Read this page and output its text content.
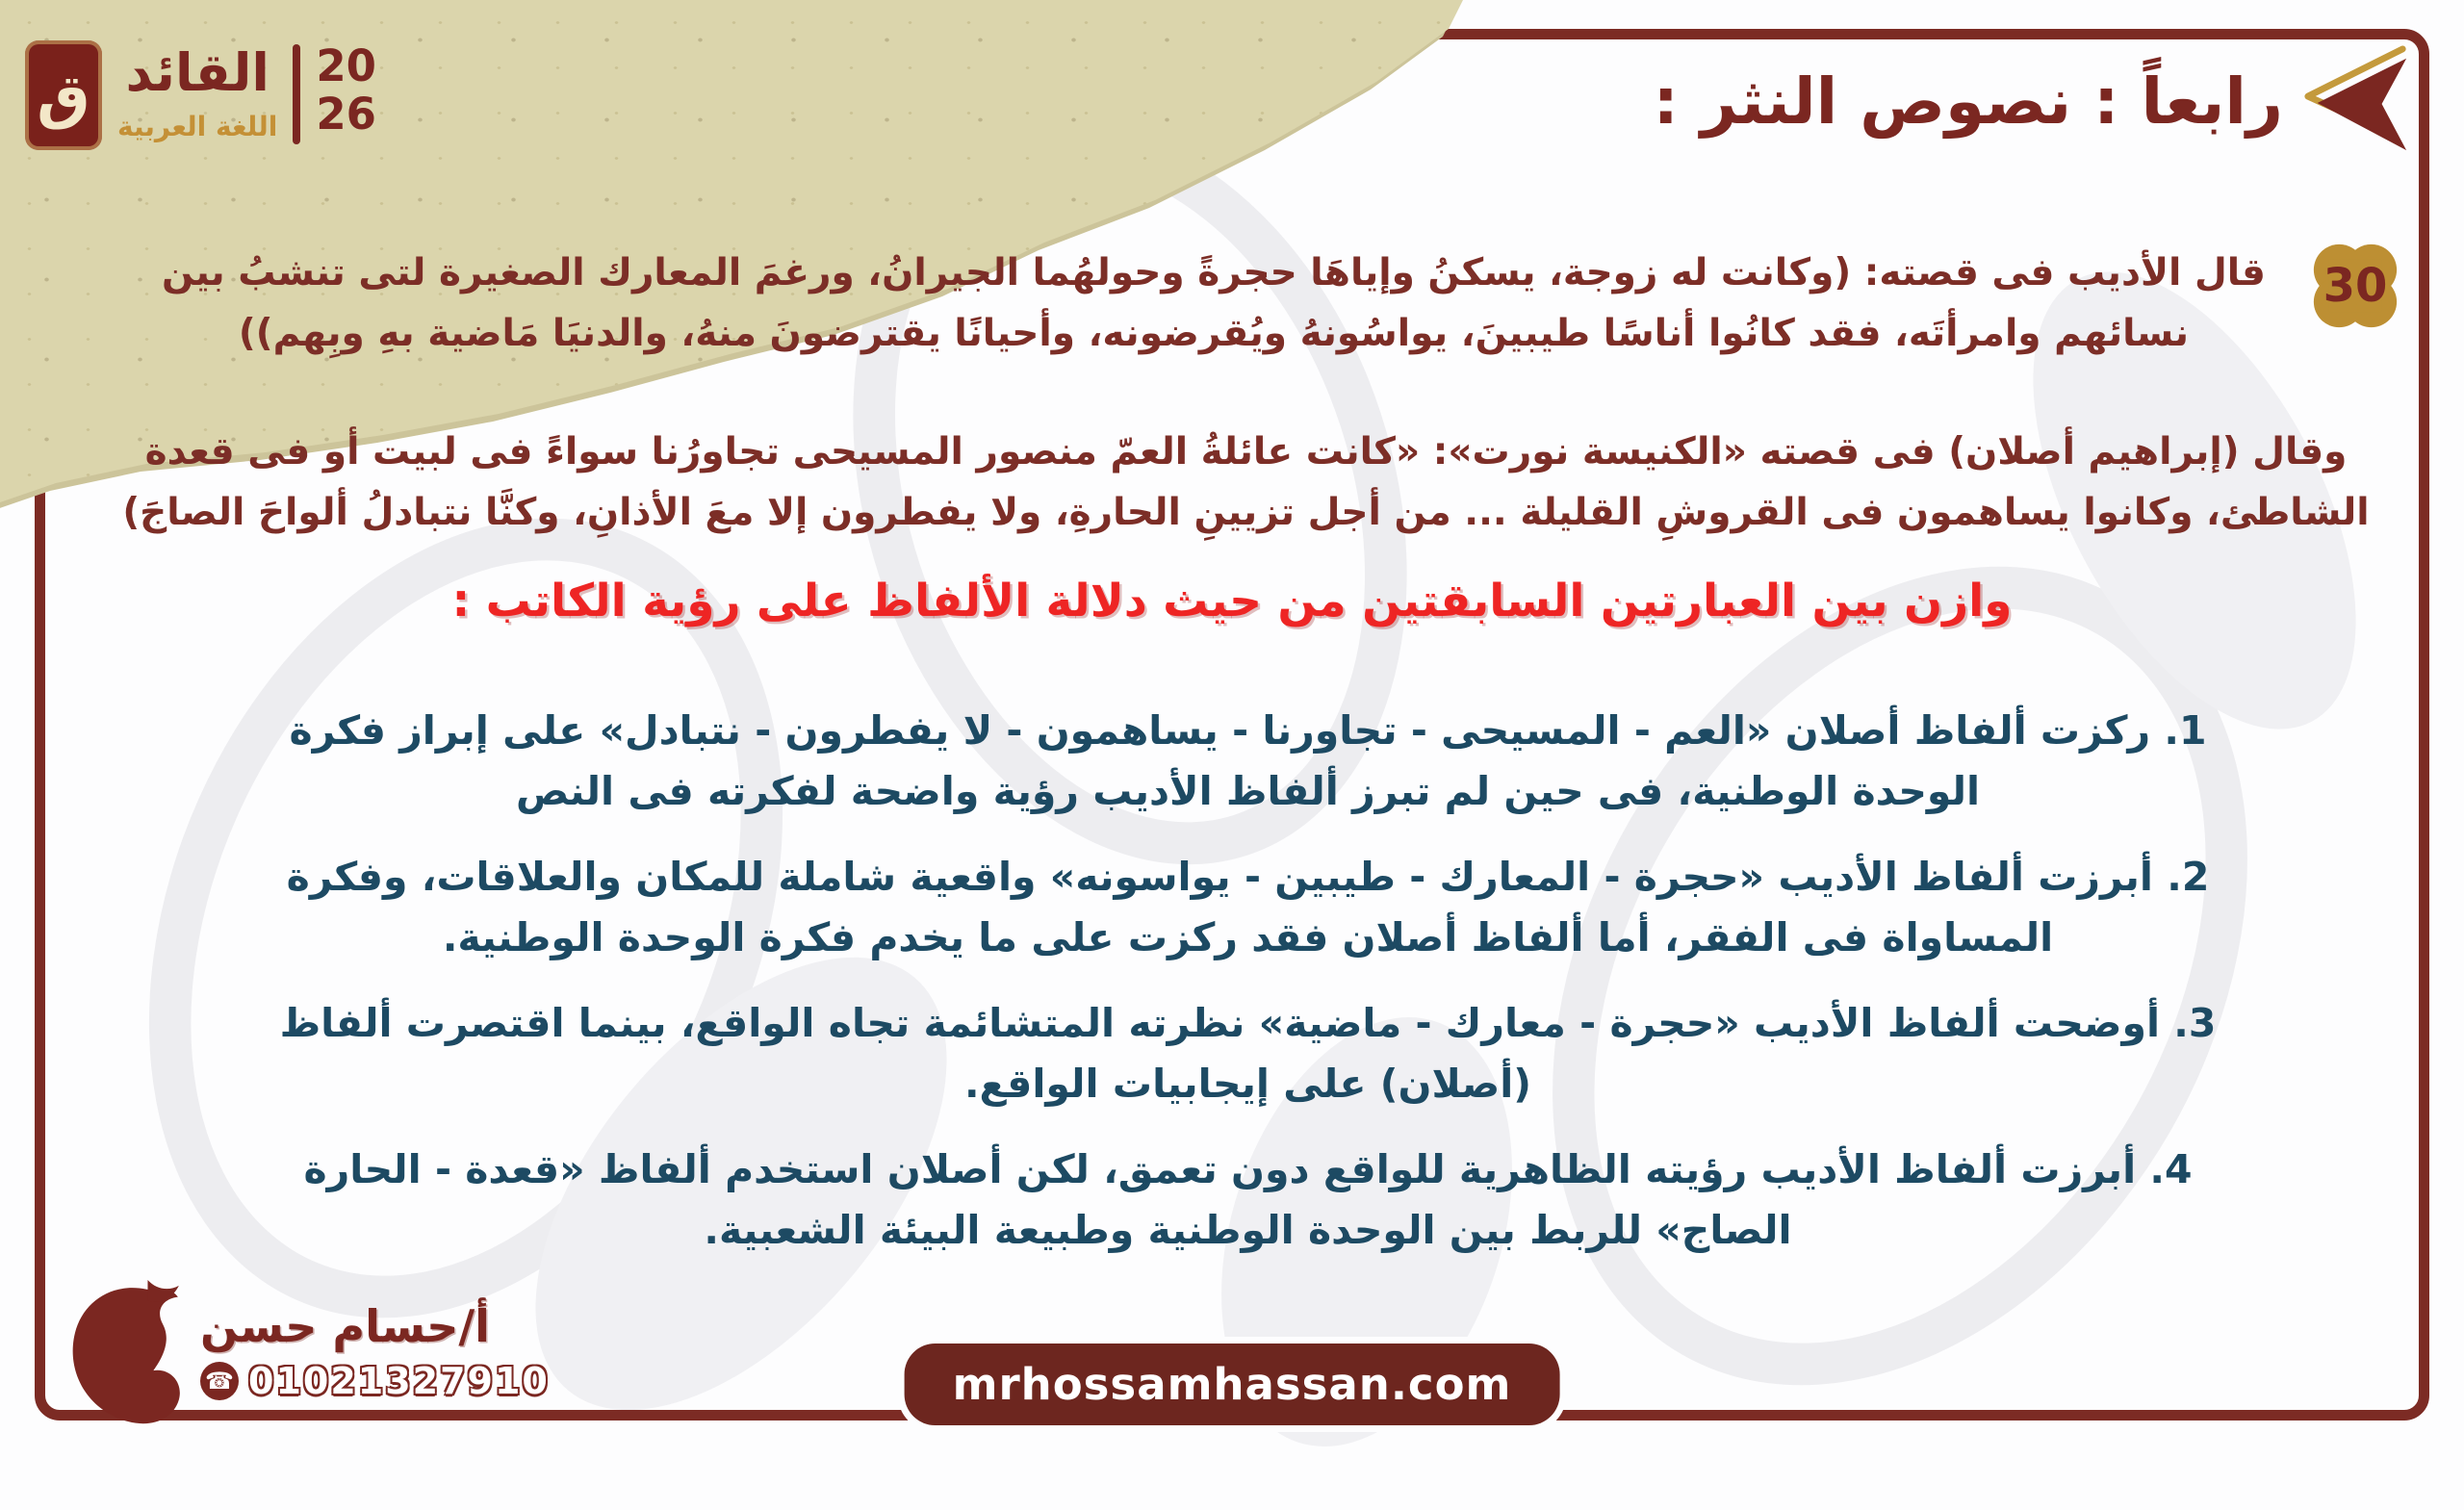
ق القائد
اللغة العربية
20
26	رابعاً : نصوص النثر :
30
قال الأديب فى قصته: (وكانت له زوجة، يسكنُ وإياهَا حجرةً وحولهُما الجيرانُ، ورغمَ المعارك الصغيرة لتى تنشبُ بين
نسائهم وامرأتَه، فقد كانُوا أناسًا طيبينَ، يواسُونهُ ويُقرضونه، وأحيانًا يقترضونَ منهُ، والدنيَا مَاضية بهِ وبِهم))
وقال (إبراهيم أصلان) فى قصته «الكنيسة نورت»: «كانت عائلةُ العمّ منصور المسيحى تجاورُنا سواءً فى لبيت أو فى قعدة
الشاطئ، وكانوا يساهمون فى القروشِ القليلة ... من أجل تزيينِ الحارةِ، ولا يفطرون إلا معَ الأذانِ، وكنَّا نتبادلُ ألواحَ الصاجَ)
وازن بين العبارتين السابقتين من حيث دلالة الألفاظ على رؤية الكاتب :
1. ركزت ألفاظ أصلان «العم - المسيحى - تجاورنا - يساهمون - لا يفطرون - نتبادل» على إبراز فكرة
الوحدة الوطنية، فى حين لم تبرز ألفاظ الأديب رؤية واضحة لفكرته فى النص
2. أبرزت ألفاظ الأديب «حجرة - المعارك - طيبين - يواسونه» واقعية شاملة للمكان والعلاقات، وفكرة
المساواة فى الفقر، أما ألفاظ أصلان فقد ركزت على ما يخدم فكرة الوحدة الوطنية.
3. أوضحت ألفاظ الأديب «حجرة - معارك - ماضية» نظرته المتشائمة تجاه الواقع، بينما اقتصرت ألفاظ
(أصلان) على إيجابيات الواقع.
4. أبرزت ألفاظ الأديب رؤيته الظاهرية للواقع دون تعمق، لكن أصلان استخدم ألفاظ «قعدة - الحارة
الصاج» للربط بين الوحدة الوطنية وطبيعة البيئة الشعبية.
أ/حسام حسن
☎ 01021327910	mrhossamhassan.com
